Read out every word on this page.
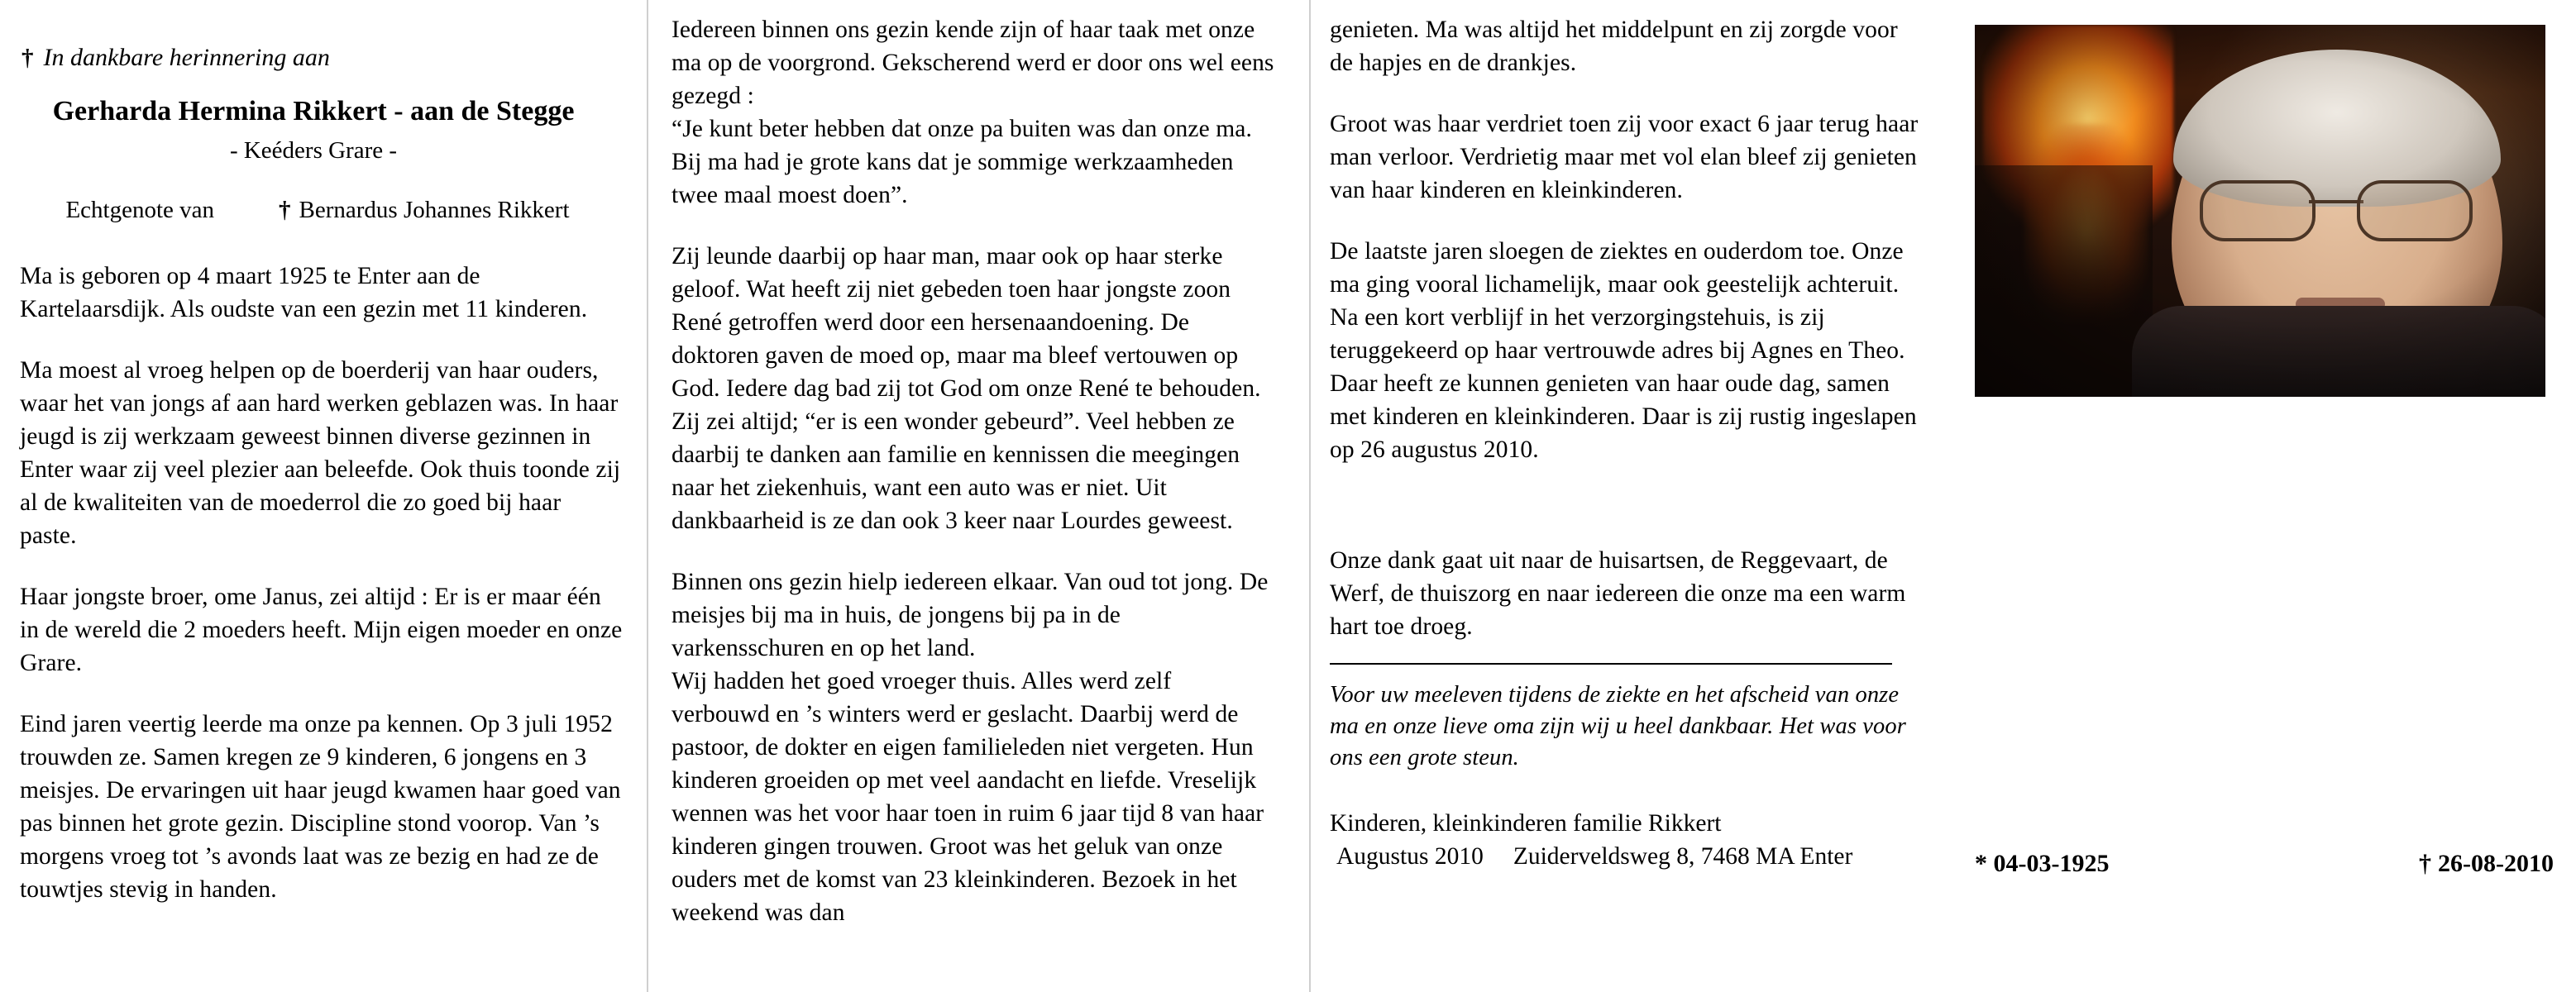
† In dankbare herinnering aan
Gerharda Hermina Rikkert - aan de Stegge
- Keéders Grare -
Echtgenote van	† Bernardus Johannes Rikkert

Ma is geboren op 4 maart 1925 te Enter aan de Kartelaarsdijk. Als oudste van een gezin met 11 kinderen.

Ma moest al vroeg helpen op de boerderij van haar ouders, waar het van jongs af aan hard werken geblazen was. In haar jeugd is zij werkzaam geweest binnen diverse gezinnen in Enter waar zij veel plezier aan beleefde. Ook thuis toonde zij al de kwaliteiten van de moederrol die zo goed bij haar paste.

Haar jongste broer, ome Janus, zei altijd : Er is er maar één in de wereld die 2 moeders heeft. Mijn eigen moeder en onze Grare.

Eind jaren veertig leerde ma onze pa kennen. Op 3 juli 1952 trouwden ze. Samen kregen ze 9 kinderen, 6 jongens en 3 meisjes. De ervaringen uit haar jeugd kwamen haar goed van pas binnen het grote gezin. Discipline stond voorop. Van ’s morgens vroeg tot ’s avonds laat was ze bezig en had ze de touwtjes stevig in handen.

Iedereen binnen ons gezin kende zijn of haar taak met onze ma op de voorgrond. Gekscherend werd er door ons wel eens gezegd :

“Je kunt beter hebben dat onze pa buiten was dan onze ma. Bij ma had je grote kans dat je sommige werkzaamheden twee maal moest doen”.

Zij leunde daarbij op haar man, maar ook op haar sterke geloof. Wat heeft zij niet gebeden toen haar jongste zoon René getroffen werd door een hersenaandoening. De doktoren gaven de moed op, maar ma bleef vertouwen op God. Iedere dag bad zij tot God om onze René te behouden. Zij zei altijd; “er is een wonder gebeurd”. Veel hebben ze daarbij te danken aan familie en kennissen die meegingen naar het ziekenhuis, want een auto was er niet. Uit dankbaarheid is ze dan ook 3 keer naar Lourdes geweest.

Binnen ons gezin hielp iedereen elkaar. Van oud tot jong. De meisjes bij ma in huis, de jongens bij pa in de varkensschuren en op het land.

Wij hadden het goed vroeger thuis. Alles werd zelf verbouwd en ’s winters werd er geslacht. Daarbij werd de pastoor, de dokter en eigen familieleden niet vergeten. Hun kinderen groeiden op met veel aandacht en liefde. Vreselijk wennen was het voor haar toen in ruim 6 jaar tijd 8 van haar kinderen gingen trouwen. Groot was het geluk van onze ouders met de komst van 23 kleinkinderen. Bezoek in het weekend was dan

genieten. Ma was altijd het middelpunt en zij zorgde voor de hapjes en de drankjes.

Groot was haar verdriet toen zij voor exact 6 jaar terug haar man verloor. Verdrietig maar met vol elan bleef zij genieten van haar kinderen en kleinkinderen.

De laatste jaren sloegen de ziektes en ouderdom toe. Onze ma ging vooral lichamelijk, maar ook geestelijk achteruit. Na een kort verblijf in het verzorgingstehuis, is zij teruggekeerd op haar vertrouwde adres bij Agnes en Theo. Daar heeft ze kunnen genieten van haar oude dag, samen met kinderen en kleinkinderen. Daar is zij rustig ingeslapen op 26 augustus 2010.

Onze dank gaat uit naar de huisartsen, de Reggevaart, de Werf, de thuiszorg en naar iedereen die onze ma een warm hart toe droeg.

Voor uw meeleven tijdens de ziekte en het afscheid van onze ma en onze lieve oma zijn wij u heel dankbaar. Het was voor ons een grote steun.

Kinderen, kleinkinderen familie Rikkert
Augustus 2010 Zuiderveldsweg 8, 7468 MA Enter	* 04-03-1925	† 26-08-2010
